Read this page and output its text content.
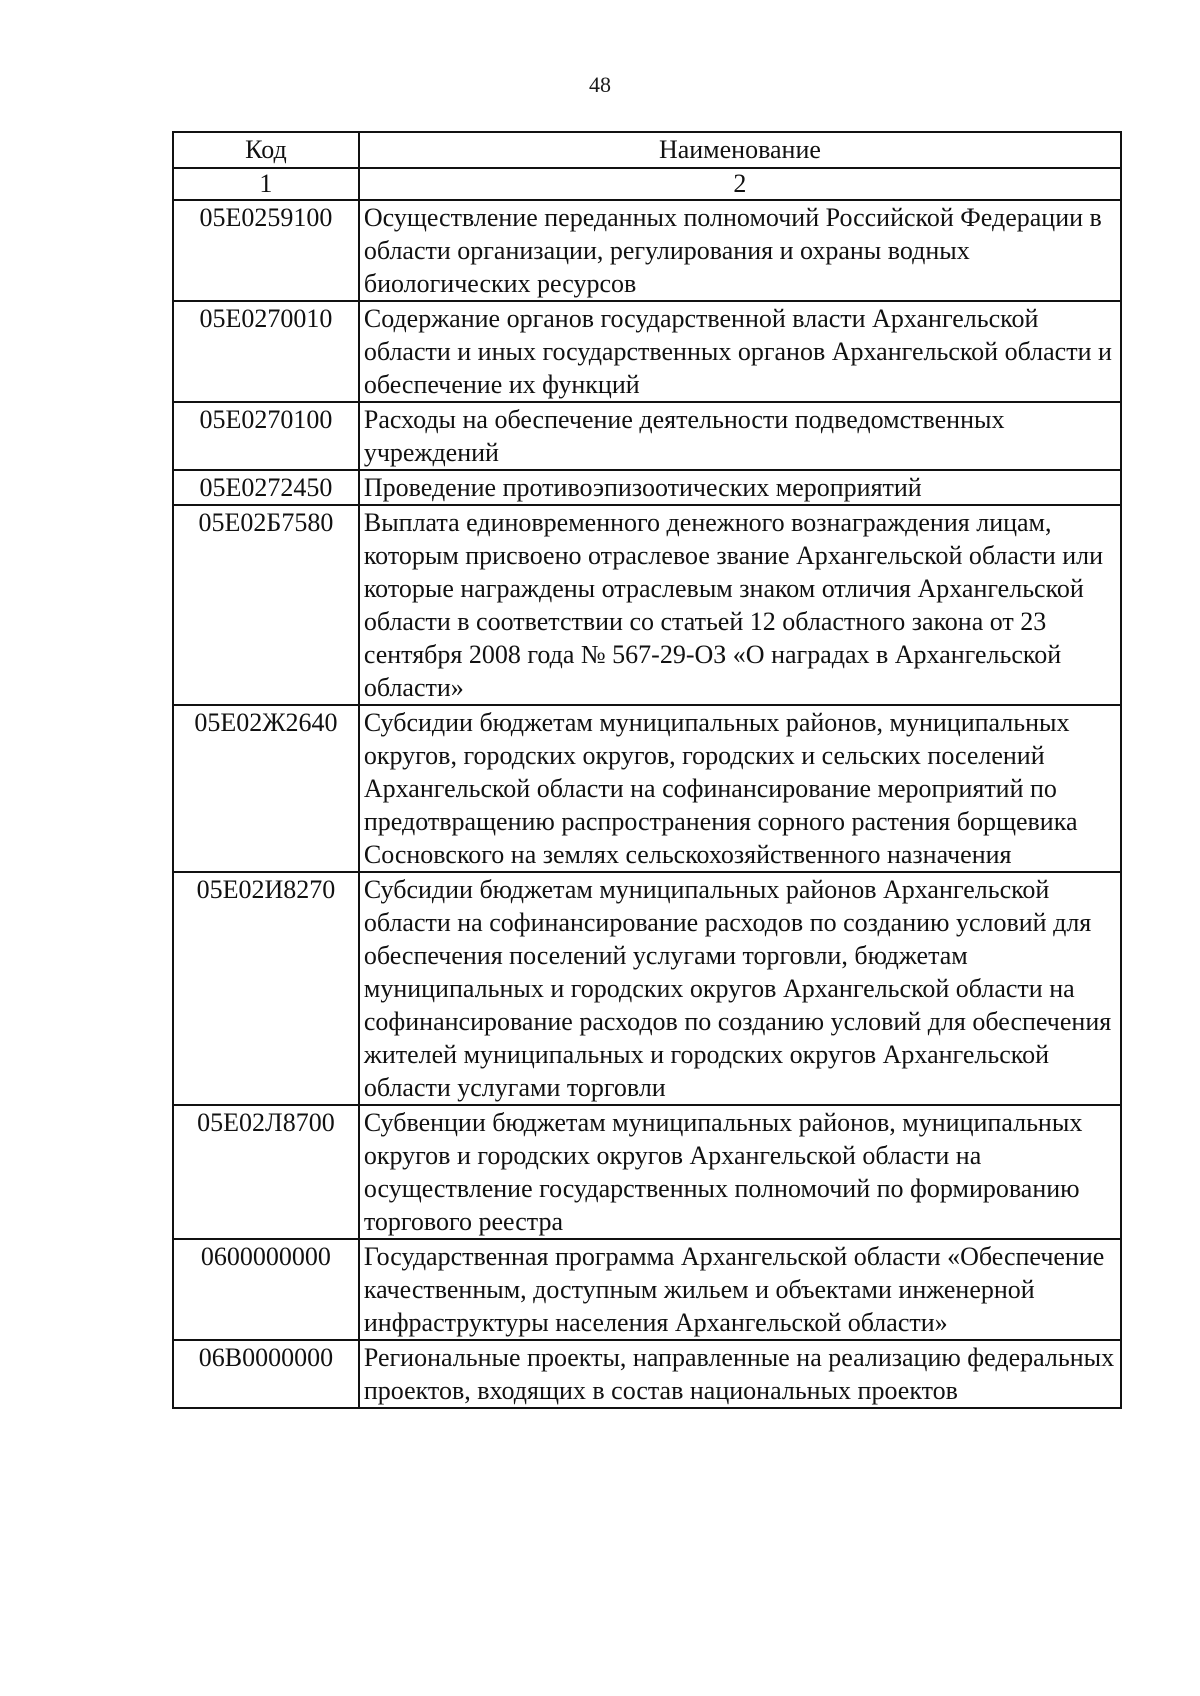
48
Код	Наименование
1	2
05Е0259100	Осуществление переданных полномочий Российской Федерации в области организации, регулирования и охраны водных биологических ресурсов
05Е0270010	Содержание органов государственной власти Архангельской области и иных государственных органов Архангельской области и обеспечение их функций
05Е0270100	Расходы на обеспечение деятельности подведомственных учреждений
05Е0272450	Проведение противоэпизоотических мероприятий
05Е02Б7580	Выплата единовременного денежного вознаграждения лицам, которым присвоено отраслевое звание Архангельской области или которые награждены отраслевым знаком отличия Архангельской области в соответствии со статьей 12 областного закона от 23 сентября 2008 года № 567-29-ОЗ «О наградах в Архангельской области»
05Е02Ж2640	Субсидии бюджетам муниципальных районов, муниципальных округов, городских округов, городских и сельских поселений Архангельской области на софинансирование мероприятий по предотвращению распространения сорного растения борщевика Сосновского на землях сельскохозяйственного назначения
05Е02И8270	Субсидии бюджетам муниципальных районов Архангельской области на софинансирование расходов по созданию условий для обеспечения поселений услугами торговли, бюджетам муниципальных и городских округов Архангельской области на софинансирование расходов по созданию условий для обеспечения жителей муниципальных и городских округов Архангельской области услугами торговли
05Е02Л8700	Субвенции бюджетам муниципальных районов, муниципальных округов и городских округов Архангельской области на осуществление государственных полномочий по формированию торгового реестра
0600000000	Государственная программа Архангельской области «Обеспечение качественным, доступным жильем и объектами инженерной инфраструктуры населения Архангельской области»
06В0000000	Региональные проекты, направленные на реализацию федеральных проектов, входящих в состав национальных проектов
